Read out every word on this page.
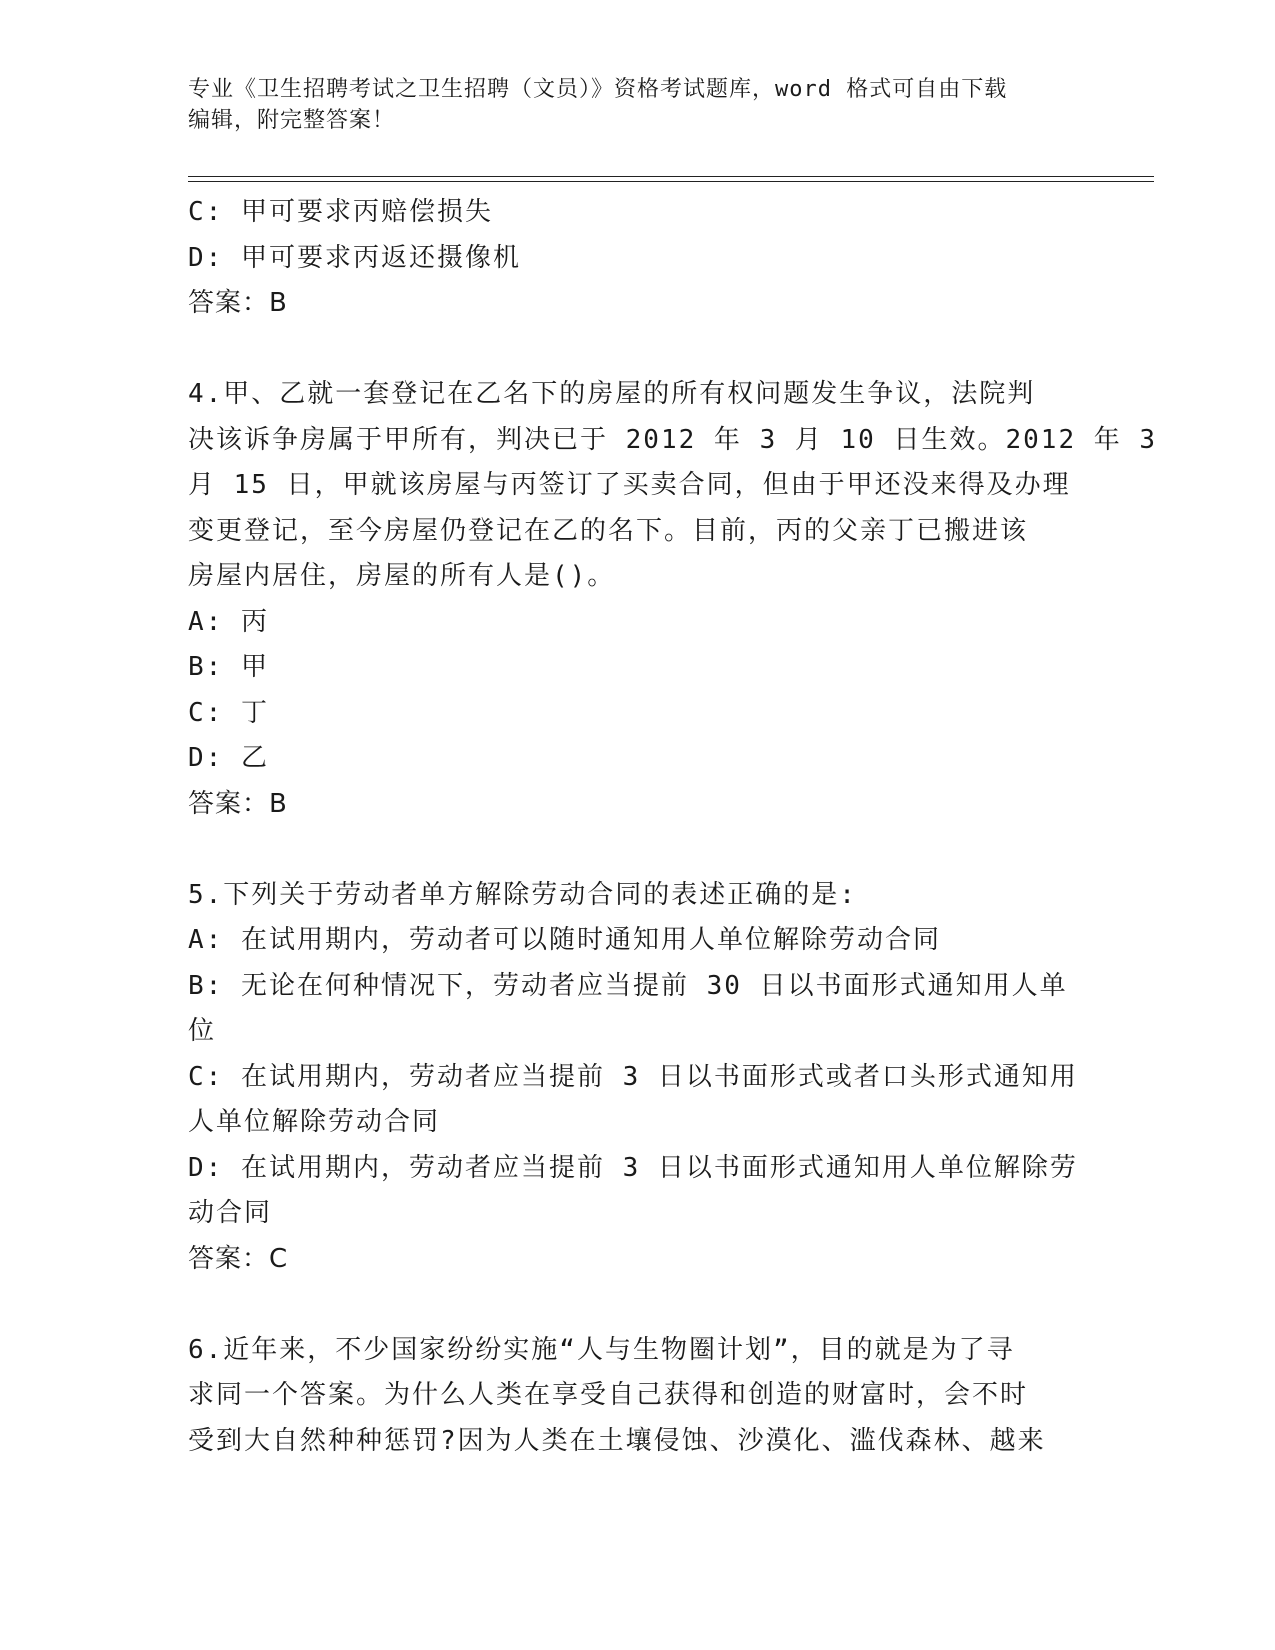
专业《卫生招聘考试之卫生招聘（文员）》资格考试题库，word 格式可自由下载
编辑，附完整答案！
C: 甲可要求丙赔偿损失
D: 甲可要求丙返还摄像机
答案：B
4.甲、乙就一套登记在乙名下的房屋的所有权问题发生争议，法院判
决该诉争房属于甲所有，判决已于 2012 年 3 月 10 日生效。2012 年 3
月 15 日，甲就该房屋与丙签订了买卖合同，但由于甲还没来得及办理
变更登记，至今房屋仍登记在乙的名下。目前，丙的父亲丁已搬进该
房屋内居住，房屋的所有人是()。
A: 丙
B: 甲
C: 丁
D: 乙
答案：B
5.下列关于劳动者单方解除劳动合同的表述正确的是:
A: 在试用期内，劳动者可以随时通知用人单位解除劳动合同
B: 无论在何种情况下，劳动者应当提前 30 日以书面形式通知用人单
位
C: 在试用期内，劳动者应当提前 3 日以书面形式或者口头形式通知用
人单位解除劳动合同
D: 在试用期内，劳动者应当提前 3 日以书面形式通知用人单位解除劳
动合同
答案：C
6.近年来，不少国家纷纷实施“人与生物圈计划”，目的就是为了寻
求同一个答案。为什么人类在享受自己获得和创造的财富时，会不时
受到大自然种种惩罚?因为人类在土壤侵蚀、沙漠化、滥伐森林、越来
